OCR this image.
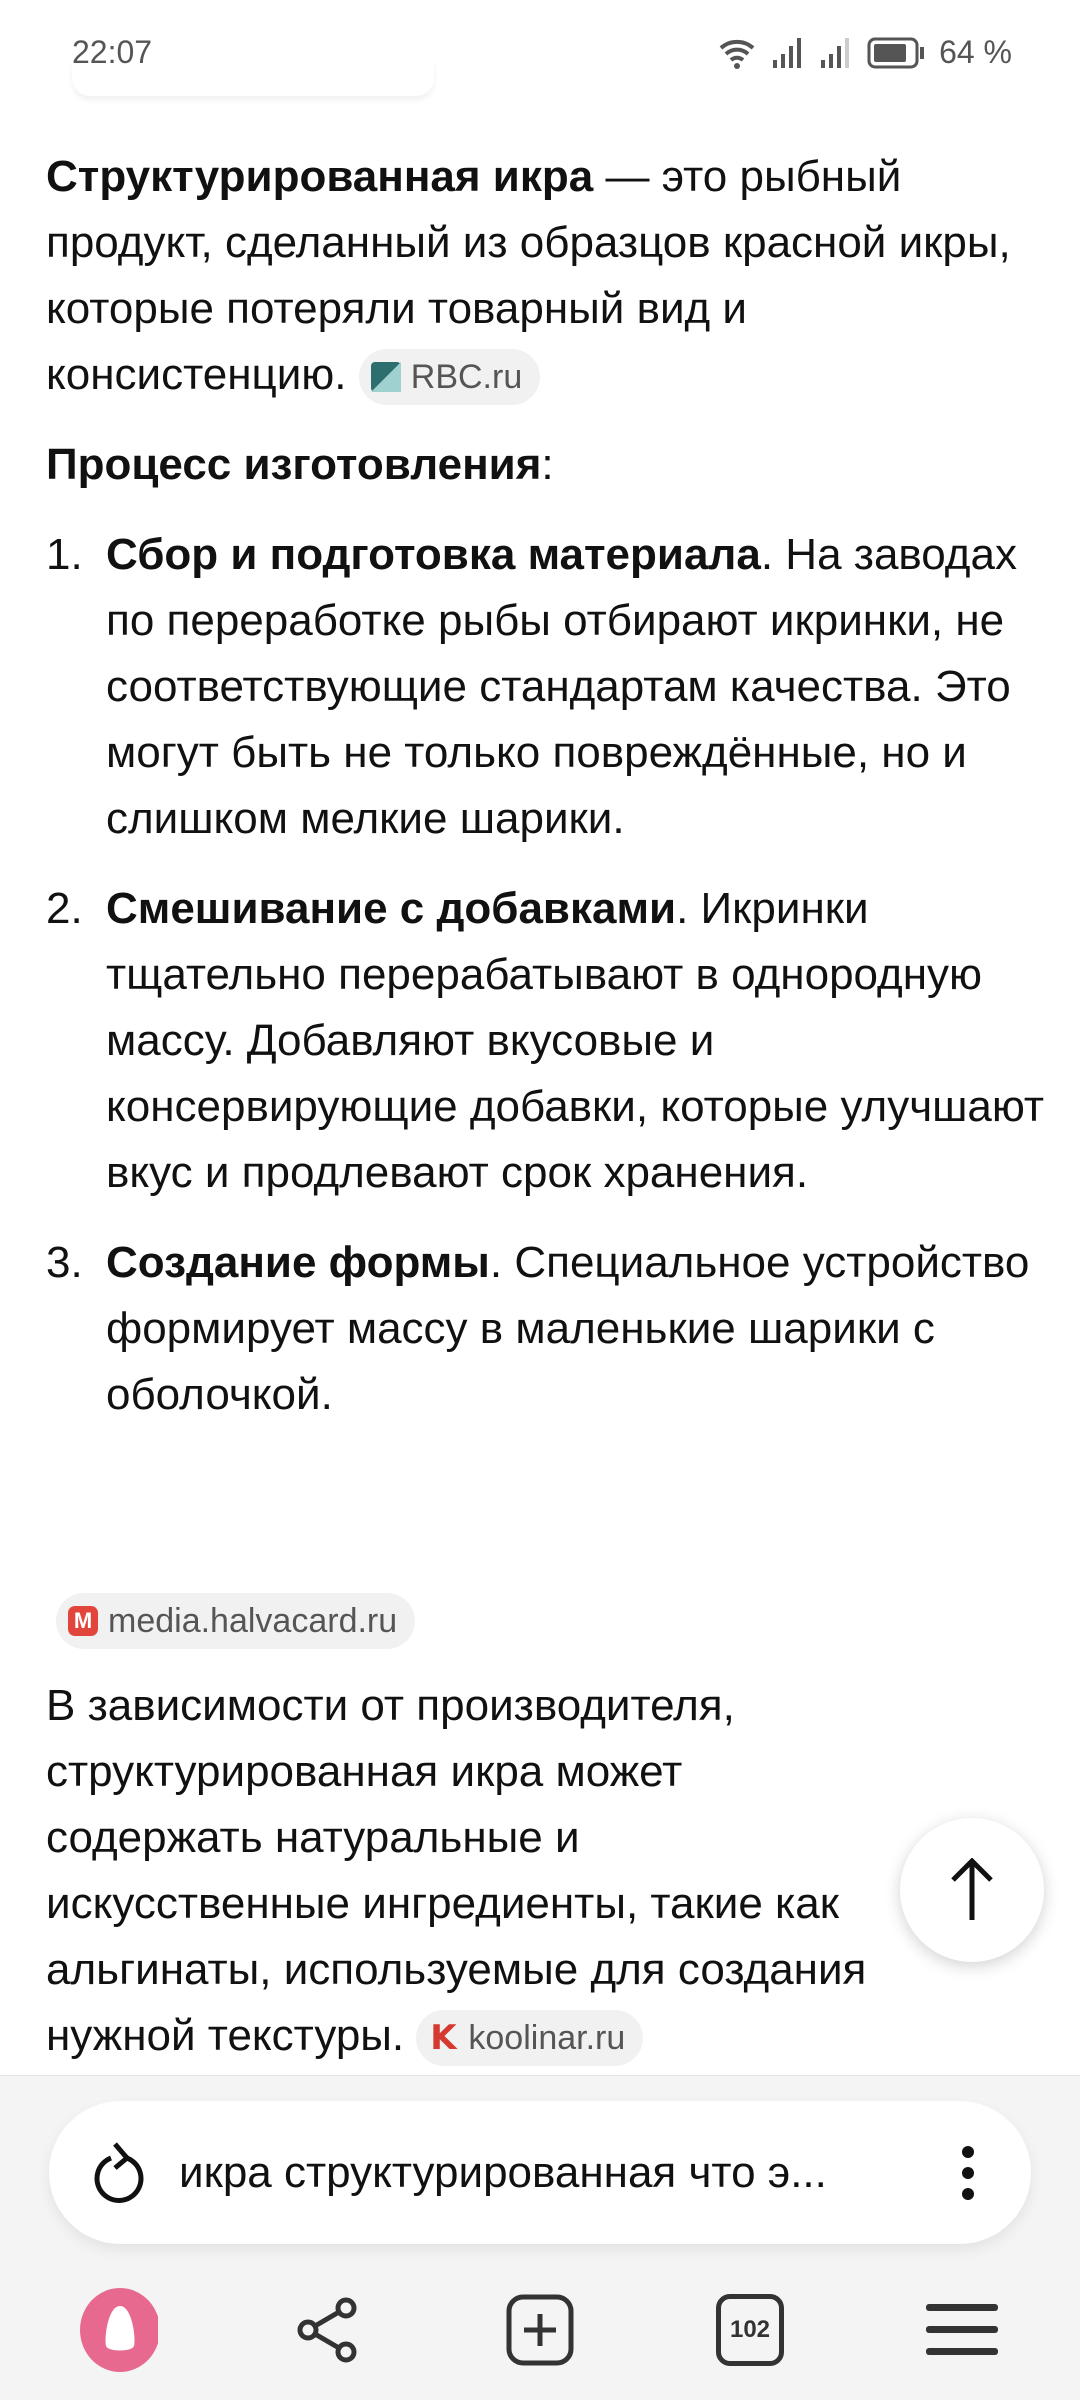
22:07	64 %

Структурированная икра — это рыбный продукт, сделанный из образцов красной икры, которые потеряли товарный вид и консистенцию. RBC.ru

Процесс изготовления:

1. Сбор и подготовка материала. На заводах по переработке рыбы отбирают икринки, не соответствующие стандартам качества. Это могут быть не только повреждённые, но и слишком мелкие шарики.
2. Смешивание с добавками. Икринки тщательно перерабатывают в однородную массу. Добавляют вкусовые и консервирующие добавки, которые улучшают вкус и продлевают срок хранения.
3. Создание формы. Специальное устройство формирует массу в маленькие шарики с оболочкой.
M media.halvacard.ru

В зависимости от производителя, структурированная икра может содержать натуральные и искусственные ингредиенты, такие как альгинаты, используемые для создания нужной текстуры. K koolinar.ru

икра структурированная что э...
102
